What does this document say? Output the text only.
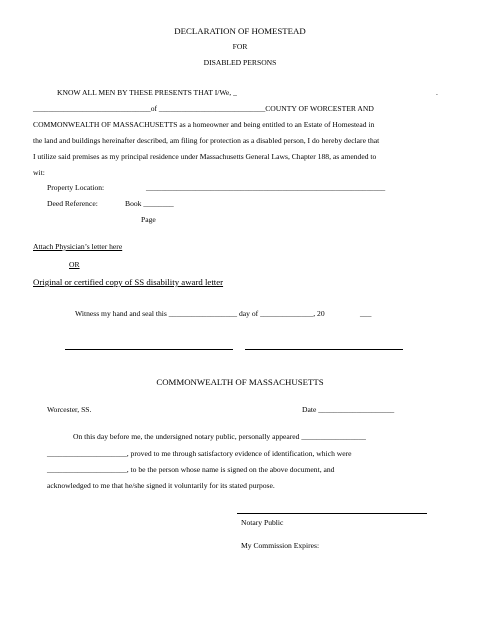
DECLARATION OF HOMESTEAD
FOR
DISABLED PERSONS
KNOW ALL MEN BY THESE PRESENTS THAT I/We, _	.
_______________________________of ____________________________COUNTY OF WORCESTER AND
COMMONWEALTH OF MASSACHUSETTS as a homeowner and being entitled to an Estate of Homestead in
the land and buildings hereinafter described, am filing for protection as a disabled person, I do hereby declare that
I utilize said premises as my principal residence under Massachusetts General Laws, Chapter 188, as amended to
wit:
Property Location:	_______________________________________________________________
Deed Reference:	Book ________
Page
Attach Physician’s letter here
OR
Original or certified copy of SS disability award letter
Witness my hand and seal this __________________ day of ______________, 20	___
COMMONWEALTH OF MASSACHUSETTS
Worcester, SS.	Date ____________________
On this day before me, the undersigned notary public, personally appeared _________________
_____________________, proved to me through satisfactory evidence of identification, which were
_____________________, to be the person whose name is signed on the above document, and
acknowledged to me that he/she signed it voluntarily for its stated purpose.
Notary Public
My Commission Expires:
